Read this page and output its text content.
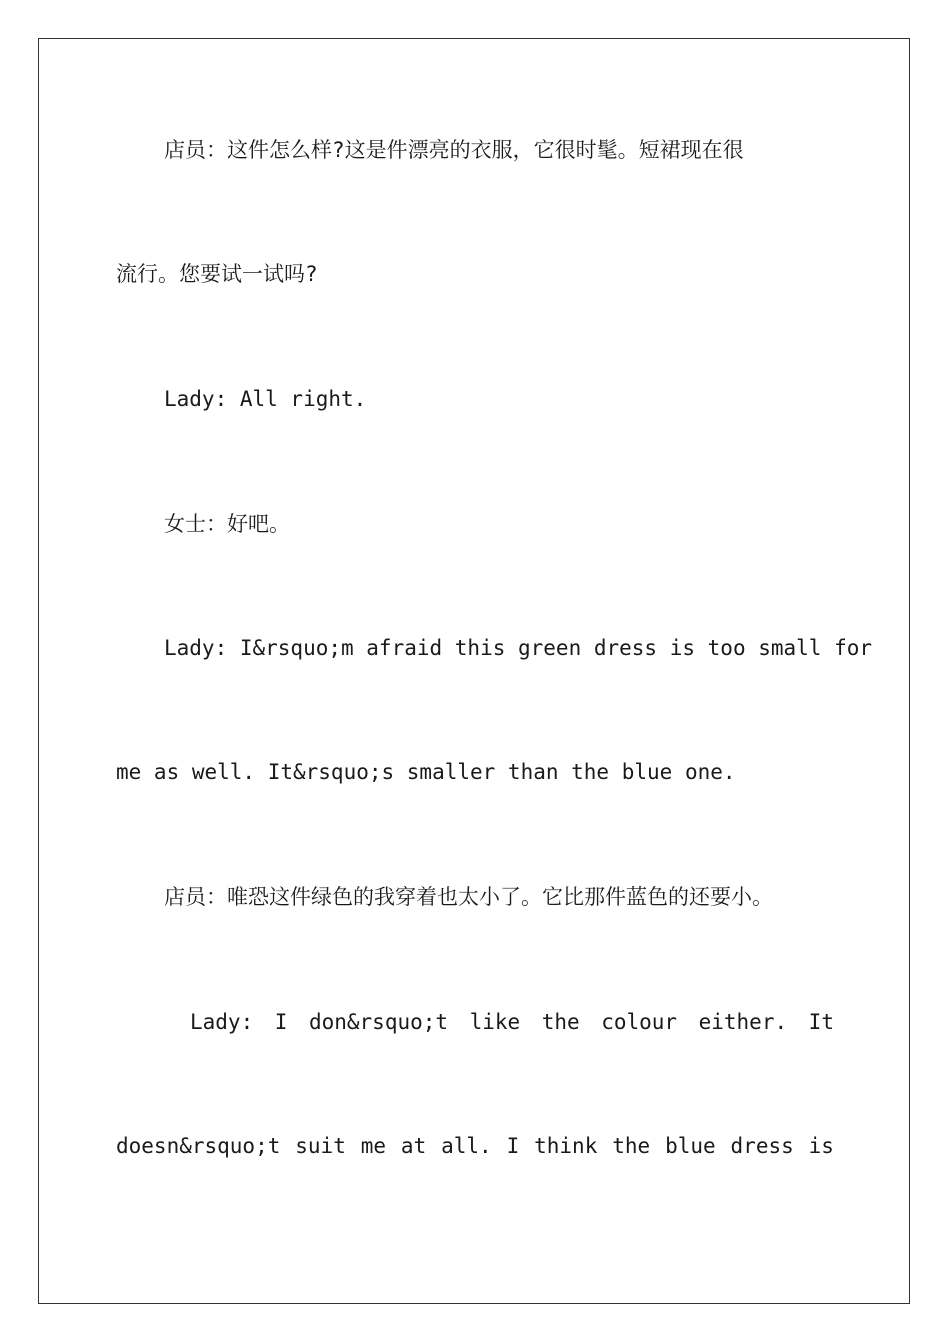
店员：这件怎么样?这是件漂亮的衣服，它很时髦。短裙现在很
流行。您要试一试吗?
Lady: All right.
女士：好吧。
Lady: I&rsquo;m afraid this green dress is too small for
me as well. It&rsquo;s smaller than the blue one.
店员：唯恐这件绿色的我穿着也太小了。它比那件蓝色的还要小。
Lady: I don&rsquo;t like the colour either. It
doesn&rsquo;t suit me at all. I think the blue dress is
